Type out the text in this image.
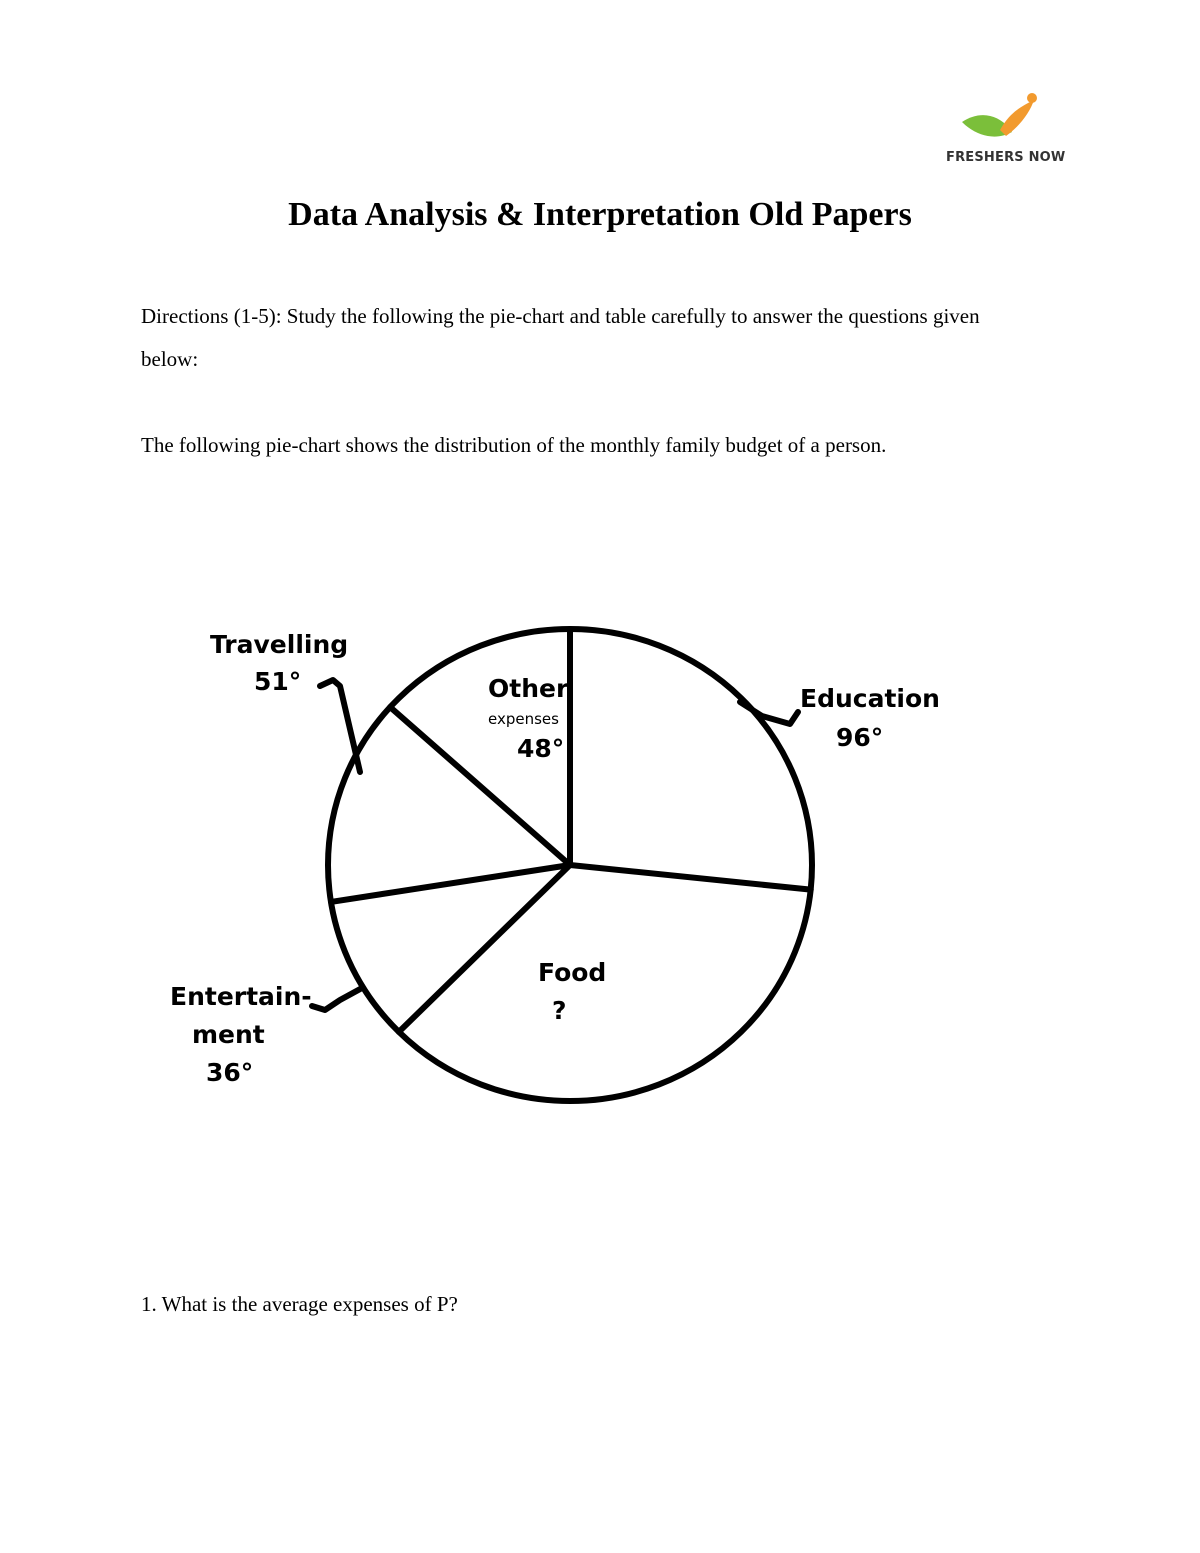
FRESHERS NOW
Data Analysis & Interpretation Old Papers
Directions (1-5): Study the following the pie-chart and table carefully to answer the questions given below:
The following pie-chart shows the distribution of the monthly family budget of a person.
Travelling
51°	Other
expenses
48°
Education
96°
Food
?
Entertain-
ment
36°
1. What is the average expenses of P?
